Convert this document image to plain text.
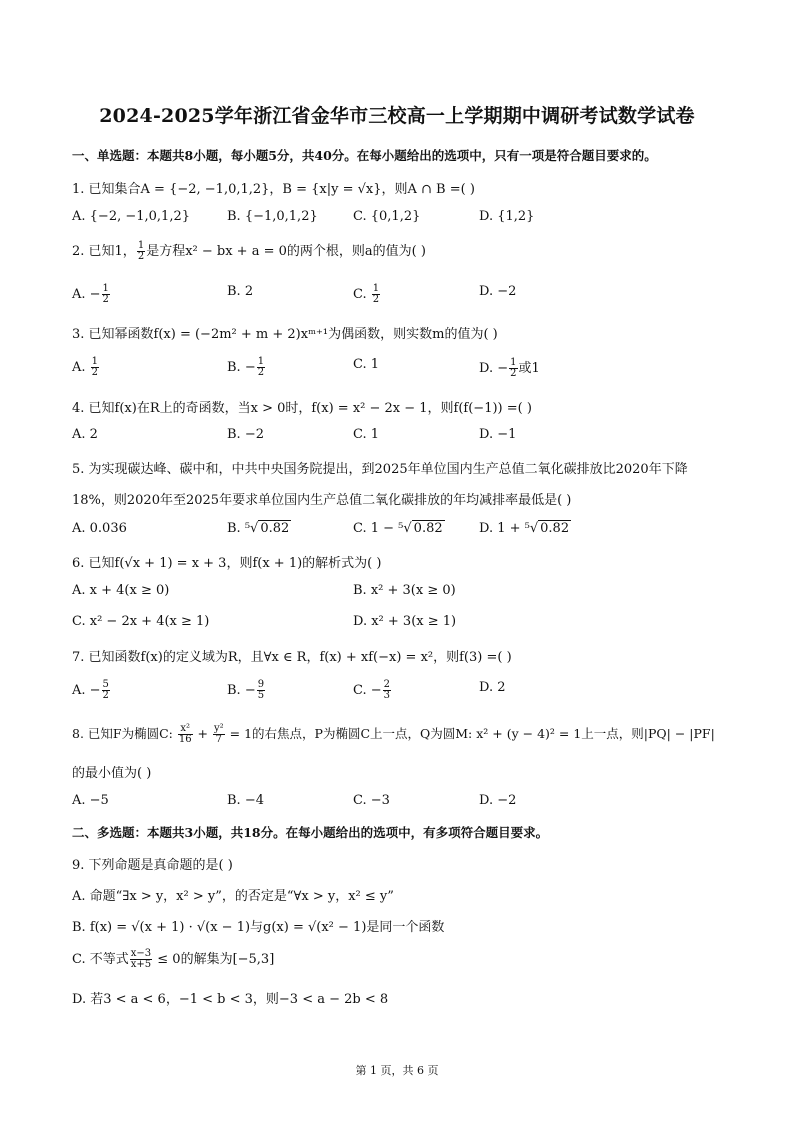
2024-2025学年浙江省金华市三校高一上学期期中调研考试数学试卷
一、单选题：本题共8小题，每小题5分，共40分。在每小题给出的选项中，只有一项是符合题目要求的。
1. 已知集合A = {−2, −1,0,1,2}，B = {x|y = √x}，则A ∩ B =( )
A. {−2, −1,0,1,2}	B. {−1,0,1,2}	C. {0,1,2}	D. {1,2}
2. 已知1， $\frac{1}{2}$ 是方程x² − bx + a = 0的两个根，则a的值为( )
A. − $\frac{1}{2}$	B. 2	C. $\frac{1}{2}$	D. −2
3. 已知幂函数f(x) = (−2m² + m + 2)xᵐ⁺¹为偶函数，则实数m的值为( )
A. $\frac{1}{2}$	B. − $\frac{1}{2}$	C. 1	D. − $\frac{1}{2}$ 或1
4. 已知f(x)在R上的奇函数，当x > 0时，f(x) = x² − 2x − 1，则f(f(−1)) =( )
A. 2	B. −2	C. 1	D. −1
5. 为实现碳达峰、碳中和，中共中央国务院提出，到2025年单位国内生产总值二氧化碳排放比2020年下降
18%，则2020年至2025年要求单位国内生产总值二氧化碳排放的年均减排率最低是( )
A. 0.036	B. ⁵√ 0.82	C. 1 − ⁵√ 0.82	D. 1 + ⁵√ 0.82
6. 已知f(√x + 1) = x + 3，则f(x + 1)的解析式为( )
A. x + 4(x ≥ 0)	B. x² + 3(x ≥ 0)
C. x² − 2x + 4(x ≥ 1)	D. x² + 3(x ≥ 1)
7. 已知函数f(x)的定义域为R，且∀x ∈ R，f(x) + xf(−x) = x²，则f(3) =( )
A. − $\frac{5}{2}$	B. − $\frac{9}{5}$	C. − $\frac{2}{3}$	D. 2
8. 已知F为椭圆C: $\frac{\text{x²}}{16} + \frac{\text{y²}}{7} = 1$的右焦点，P为椭圆C上一点，Q为圆M: x² + (y − 4)² = 1上一点，则|PQ| − |PF|
的最小值为( )
A. −5	B. −4	C. −3	D. −2
二、多选题：本题共3小题，共18分。在每小题给出的选项中，有多项符合题目要求。
9. 下列命题是真命题的是( )
A. 命题“∃x > y，x² > y”，的否定是“∀x > y，x² ≤ y”
B. f(x) = √(x + 1) · √(x − 1)与g(x) = √(x² − 1)是同一个函数
C. 不等式 $\frac{x-3}{x+5} \le 0$的解集为[−5,3]
D. 若3 < a < 6，−1 < b < 3，则−3 < a − 2b < 8
第 1 页，共 6 页
